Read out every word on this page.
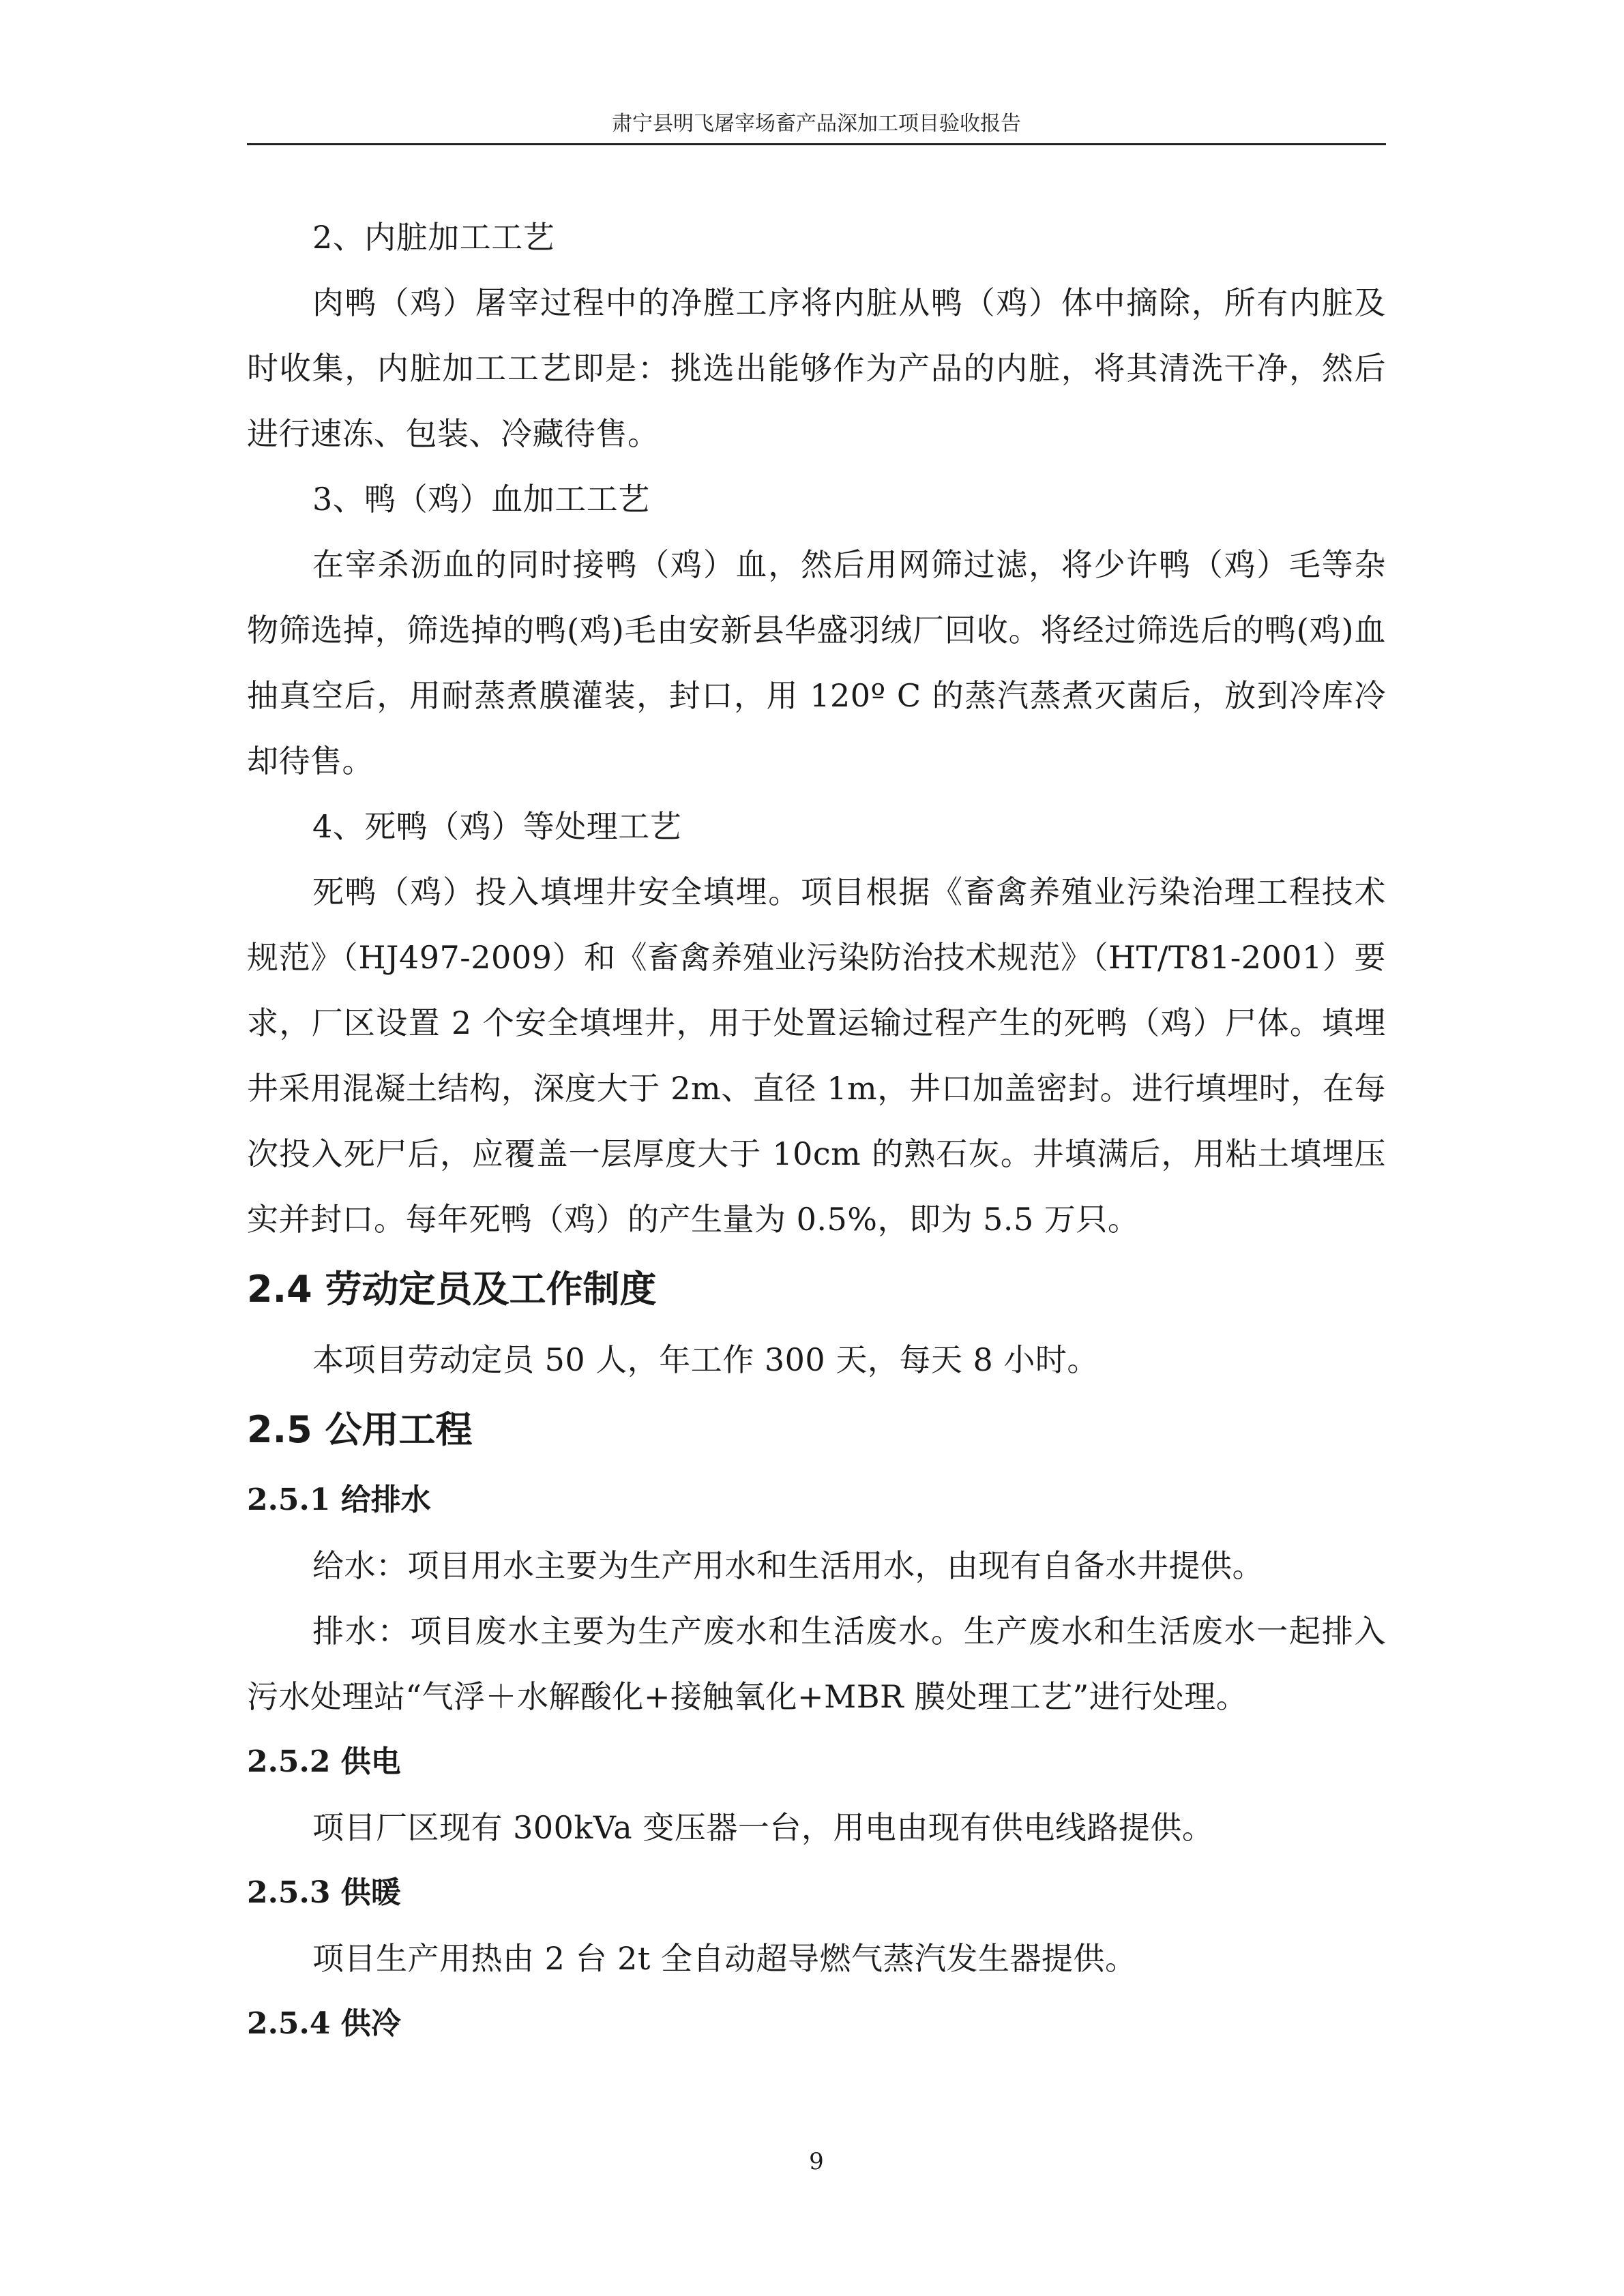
肃宁县明飞屠宰场畜产品深加工项目验收报告

2、内脏加工工艺

肉鸭（鸡）屠宰过程中的净膛工序将内脏从鸭（鸡）体中摘除，所有内脏及时收集，内脏加工工艺即是：挑选出能够作为产品的内脏，将其清洗干净，然后进行速冻、包装、冷藏待售。

3、鸭（鸡）血加工工艺

在宰杀沥血的同时接鸭（鸡）血，然后用网筛过滤，将少许鸭（鸡）毛等杂物筛选掉，筛选掉的鸭(鸡)毛由安新县华盛羽绒厂回收。将经过筛选后的鸭(鸡)血抽真空后，用耐蒸煮膜灌装，封口，用 120º C 的蒸汽蒸煮灭菌后，放到冷库冷却待售。

4、死鸭（鸡）等处理工艺

死鸭（鸡）投入填埋井安全填埋。项目根据《畜禽养殖业污染治理工程技术规范》（HJ497-2009）和《畜禽养殖业污染防治技术规范》（HT/T81-2001）要求，厂区设置 2 个安全填埋井，用于处置运输过程产生的死鸭（鸡）尸体。填埋井采用混凝土结构，深度大于 2m、直径 1m，井口加盖密封。进行填埋时，在每次投入死尸后，应覆盖一层厚度大于 10cm 的熟石灰。井填满后，用粘土填埋压实并封口。每年死鸭（鸡）的产生量为 0.5%，即为 5.5 万只。

2.4 劳动定员及工作制度

本项目劳动定员 50 人，年工作 300 天，每天 8 小时。

2.5 公用工程
2.5.1 给排水

给水：项目用水主要为生产用水和生活用水，由现有自备水井提供。

排水：项目废水主要为生产废水和生活废水。生产废水和生活废水一起排入污水处理站“气浮＋水解酸化+接触氧化+MBR 膜处理工艺”进行处理。

2.5.2 供电

项目厂区现有 300kVa 变压器一台，用电由现有供电线路提供。

2.5.3 供暖

项目生产用热由 2 台 2t 全自动超导燃气蒸汽发生器提供。

2.5.4 供冷
9
